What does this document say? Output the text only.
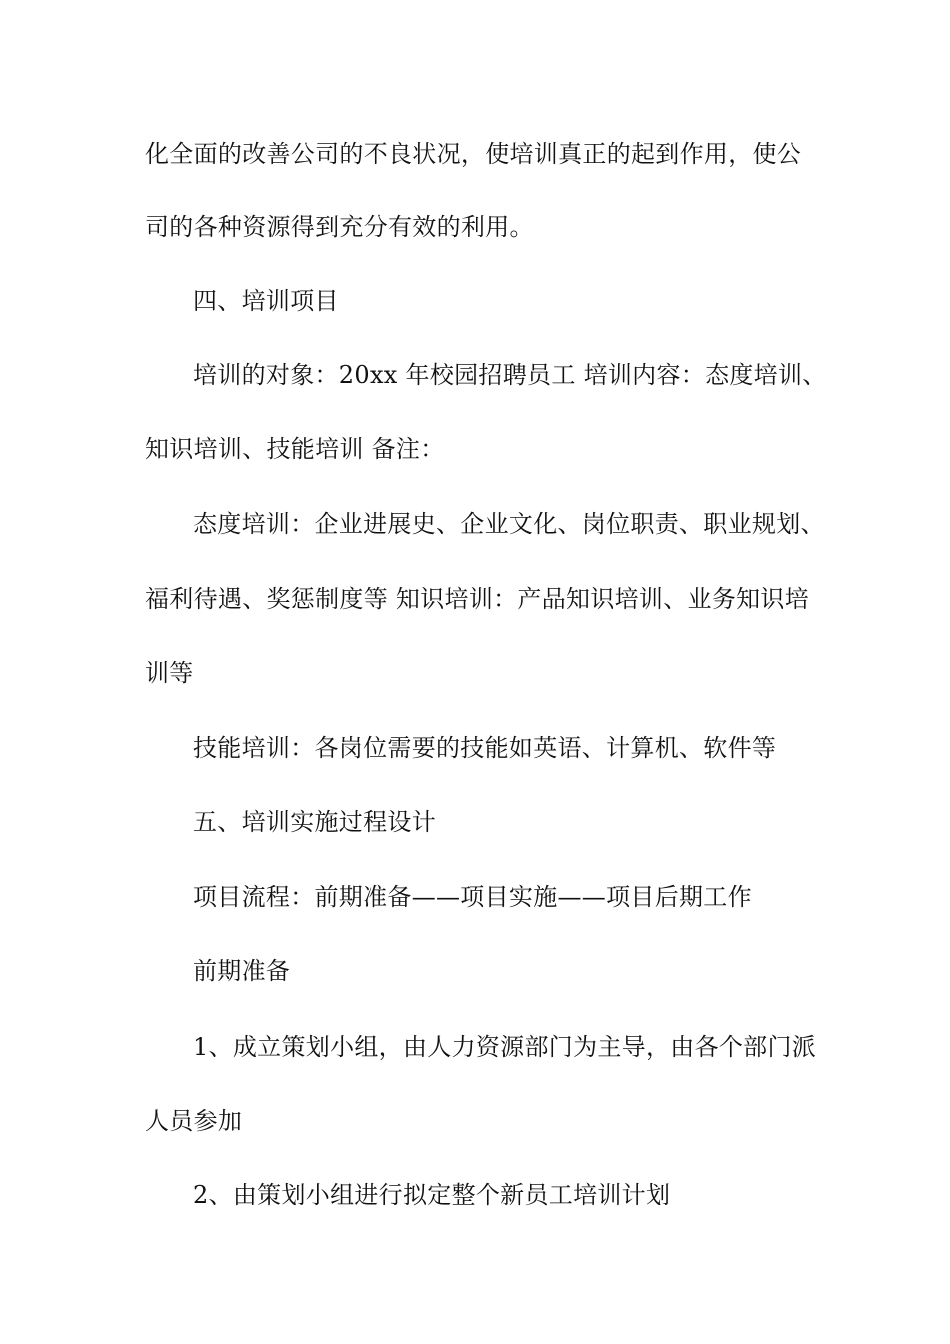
化全面的改善公司的不良状况，使培训真正的起到作用，使公
司的各种资源得到充分有效的利用。
四、培训项目
培训的对象：20xx 年校园招聘员工 培训内容：态度培训、
知识培训、技能培训 备注：
态度培训：企业进展史、企业文化、岗位职责、职业规划、
福利待遇、奖惩制度等 知识培训：产品知识培训、业务知识培
训等
技能培训：各岗位需要的技能如英语、计算机、软件等
五、培训实施过程设计
项目流程：前期准备——项目实施——项目后期工作
前期准备
1、成立策划小组，由人力资源部门为主导，由各个部门派
人员参加
2、由策划小组进行拟定整个新员工培训计划
